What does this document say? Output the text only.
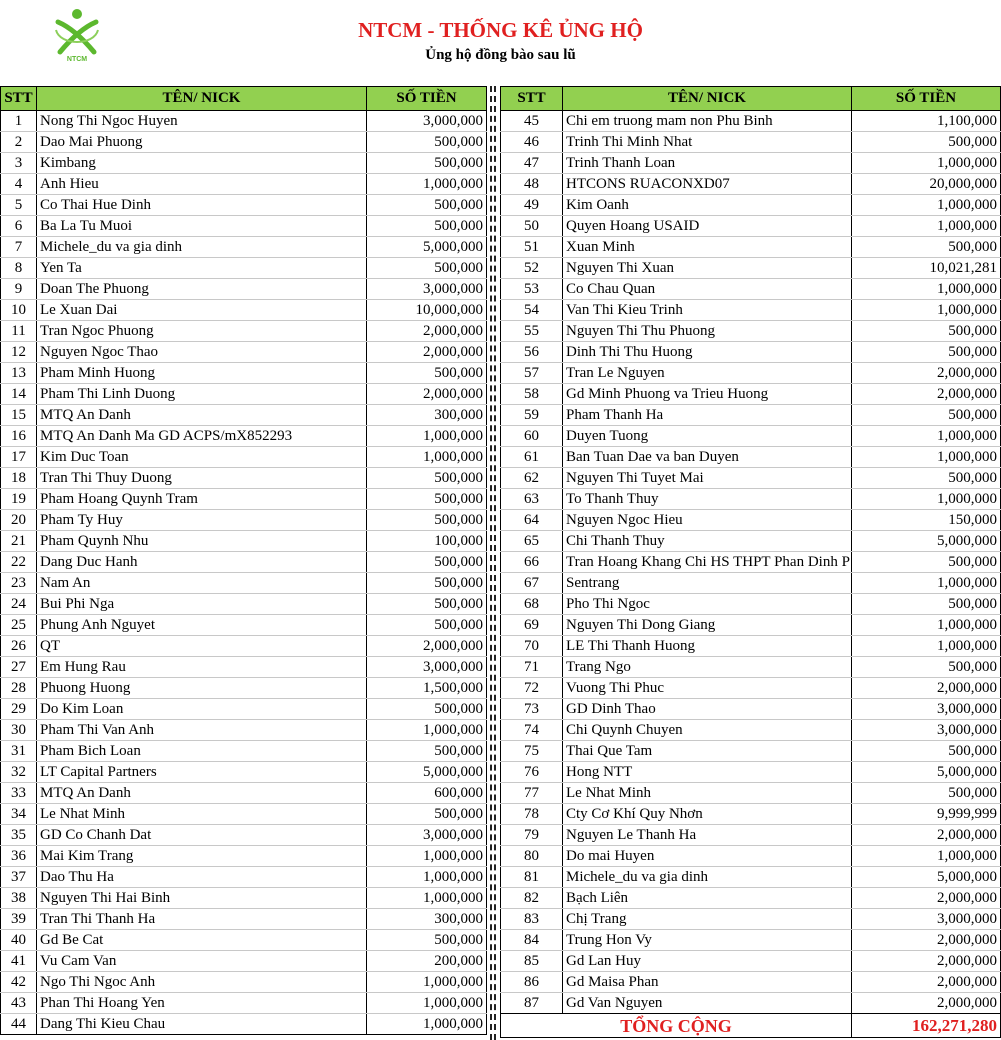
NTCM
NTCM - THỐNG KÊ ỦNG HỘ
Ủng hộ đồng bào sau lũ
STT	TÊN/ NICK	SỐ TIỀN
1	Nong Thi Ngoc Huyen	3,000,000
2	Dao Mai Phuong	500,000
3	Kimbang	500,000
4	Anh Hieu	1,000,000
5	Co Thai Hue Dinh	500,000
6	Ba La Tu Muoi	500,000
7	Michele_du va gia dinh	5,000,000
8	Yen Ta	500,000
9	Doan The Phuong	3,000,000
10	Le Xuan Dai	10,000,000
11	Tran Ngoc Phuong	2,000,000
12	Nguyen Ngoc Thao	2,000,000
13	Pham Minh Huong	500,000
14	Pham Thi Linh Duong	2,000,000
15	MTQ An Danh	300,000
16	MTQ An Danh Ma GD ACPS/mX852293	1,000,000
17	Kim Duc Toan	1,000,000
18	Tran Thi Thuy Duong	500,000
19	Pham Hoang Quynh Tram	500,000
20	Pham Ty Huy	500,000
21	Pham Quynh Nhu	100,000
22	Dang Duc Hanh	500,000
23	Nam An	500,000
24	Bui Phi Nga	500,000
25	Phung Anh Nguyet	500,000
26	QT	2,000,000
27	Em Hung Rau	3,000,000
28	Phuong Huong	1,500,000
29	Do Kim Loan	500,000
30	Pham Thi Van Anh	1,000,000
31	Pham Bich Loan	500,000
32	LT Capital Partners	5,000,000
33	MTQ An Danh	600,000
34	Le Nhat Minh	500,000
35	GD Co Chanh Dat	3,000,000
36	Mai Kim Trang	1,000,000
37	Dao Thu Ha	1,000,000
38	Nguyen Thi Hai Binh	1,000,000
39	Tran Thi Thanh Ha	300,000
40	Gd Be Cat	500,000
41	Vu Cam Van	200,000
42	Ngo Thi Ngoc Anh	1,000,000
43	Phan Thi Hoang Yen	1,000,000
44	Dang Thi Kieu Chau	1,000,000
STT	TÊN/ NICK	SỐ TIỀN
45	Chi em truong mam non Phu Binh	1,100,000
46	Trinh Thi Minh Nhat	500,000
47	Trinh Thanh Loan	1,000,000
48	HTCONS RUACONXD07	20,000,000
49	Kim Oanh	1,000,000
50	Quyen Hoang USAID	1,000,000
51	Xuan Minh	500,000
52	Nguyen Thi Xuan	10,021,281
53	Co Chau Quan	1,000,000
54	Van Thi Kieu Trinh	1,000,000
55	Nguyen Thi Thu Phuong	500,000
56	Dinh Thi Thu Huong	500,000
57	Tran Le Nguyen	2,000,000
58	Gd Minh Phuong va Trieu Huong	2,000,000
59	Pham Thanh Ha	500,000
60	Duyen Tuong	1,000,000
61	Ban Tuan Dae va ban Duyen	1,000,000
62	Nguyen Thi Tuyet Mai	500,000
63	To Thanh Thuy	1,000,000
64	Nguyen Ngoc Hieu	150,000
65	Chi Thanh Thuy	5,000,000
66	Tran Hoang Khang Chi HS THPT Phan Dinh P	500,000
67	Sentrang	1,000,000
68	Pho Thi Ngoc	500,000
69	Nguyen Thi Dong Giang	1,000,000
70	LE Thi Thanh Huong	1,000,000
71	Trang Ngo	500,000
72	Vuong Thi Phuc	2,000,000
73	GD Dinh Thao	3,000,000
74	Chi Quynh Chuyen	3,000,000
75	Thai Que Tam	500,000
76	Hong NTT	5,000,000
77	Le Nhat Minh	500,000
78	Cty Cơ Khí Quy Nhơn	9,999,999
79	Nguyen Le Thanh Ha	2,000,000
80	Do mai Huyen	1,000,000
81	Michele_du va gia dinh	5,000,000
82	Bạch Liên	2,000,000
83	Chị Trang	3,000,000
84	Trung Hon Vy	2,000,000
85	Gd Lan Huy	2,000,000
86	Gd Maisa Phan	2,000,000
87	Gd Van Nguyen	2,000,000
TỔNG CỘNG		162,271,280
